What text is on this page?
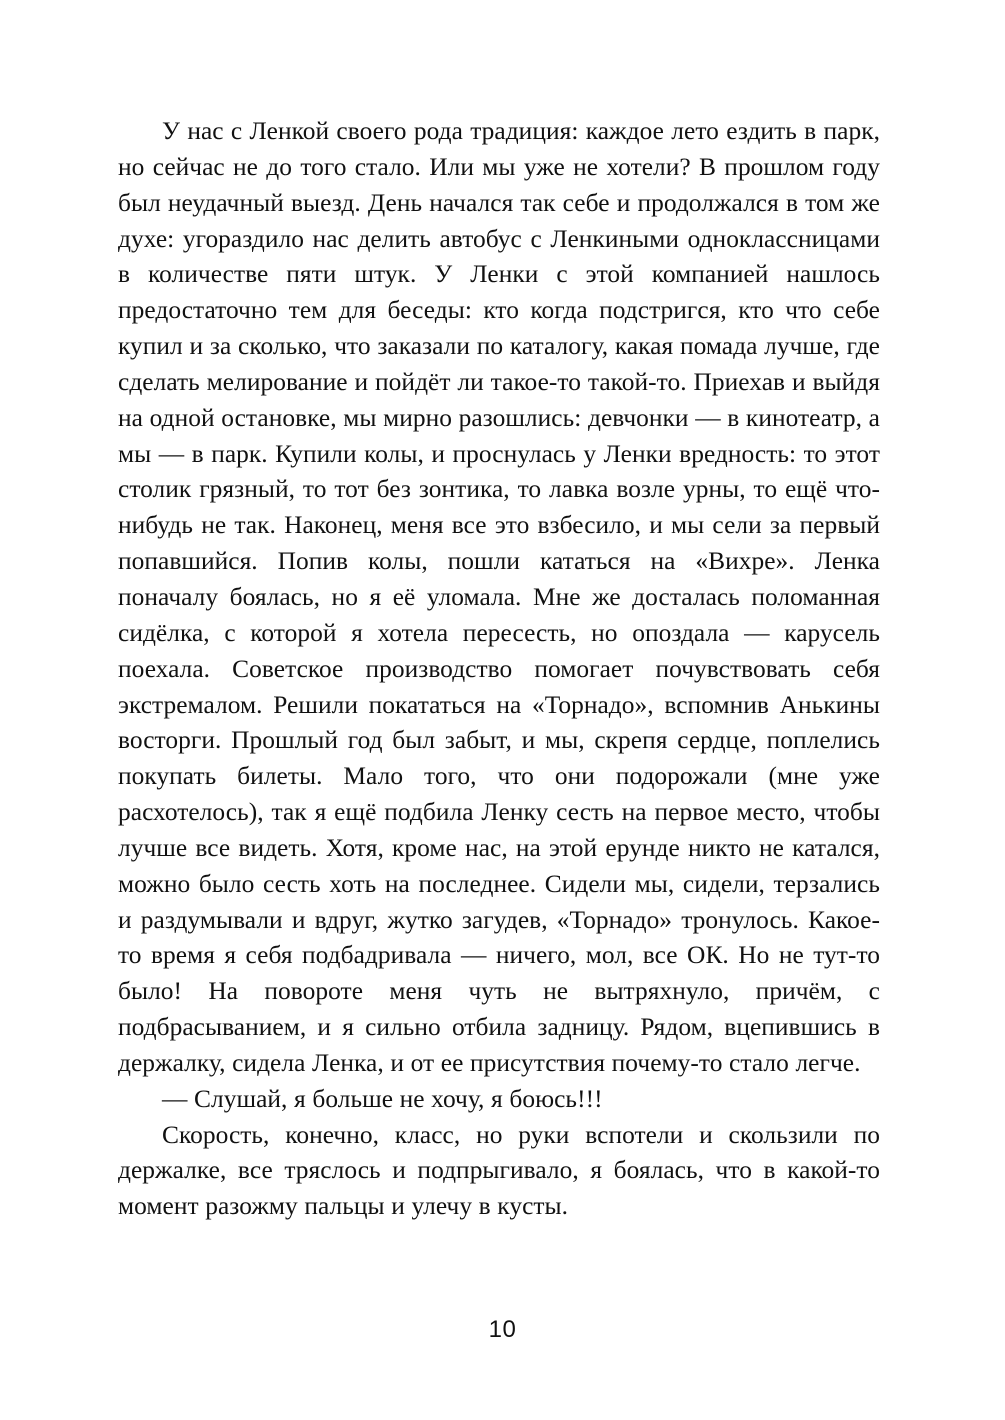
У нас с Ленкой своего рода традиция: каждое лето ездить в парк, но сейчас не до того стало. Или мы уже не хотели? В прошлом году был неудачный выезд. День начался так себе и продолжался в том же духе: угораздило нас делить автобус с Ленкиными одноклассницами в количестве пяти штук. У Ленки с этой компанией нашлось предостаточно тем для беседы: кто когда подстригся, кто что себе купил и за сколько, что заказали по каталогу, какая помада лучше, где сделать мелирование и пойдёт ли такое-то такой-то. Приехав и выйдя на одной остановке, мы мирно разошлись: девчонки — в кинотеатр, а мы — в парк. Купили колы, и проснулась у Ленки вредность: то этот столик грязный, то тот без зонтика, то лавка возле урны, то ещё что-нибудь не так. Наконец, меня все это взбесило, и мы сели за первый попавшийся. Попив колы, пошли кататься на «Вихре». Ленка поначалу боялась, но я её уломала. Мне же досталась поломанная сидёлка, с которой я хотела пересесть, но опоздала — карусель поехала. Советское производство помогает почувствовать себя экстремалом. Решили покататься на «Торнадо», вспомнив Анькины восторги. Прошлый год был забыт, и мы, скрепя сердце, поплелись покупать билеты. Мало того, что они подорожали (мне уже расхотелось), так я ещё подбила Ленку сесть на первое место, чтобы лучше все видеть. Хотя, кроме нас, на этой ерунде никто не катался, можно было сесть хоть на последнее. Сидели мы, сидели, терзались и раздумывали и вдруг, жутко загудев, «Торнадо» тронулось. Какое-то время я себя подбадривала — ничего, мол, все ОК. Но не тут-то было! На повороте меня чуть не вытряхнуло, причём, с подбрасыванием, и я сильно отбила задницу. Рядом, вцепившись в держалку, сидела Ленка, и от ее присутствия почему-то стало легче.

— Слушай, я больше не хочу, я боюсь!!!

Скорость, конечно, класс, но руки вспотели и скользили по держалке, все тряслось и подпрыгивало, я боялась, что в какой-то момент разожму пальцы и улечу в кусты.

10
